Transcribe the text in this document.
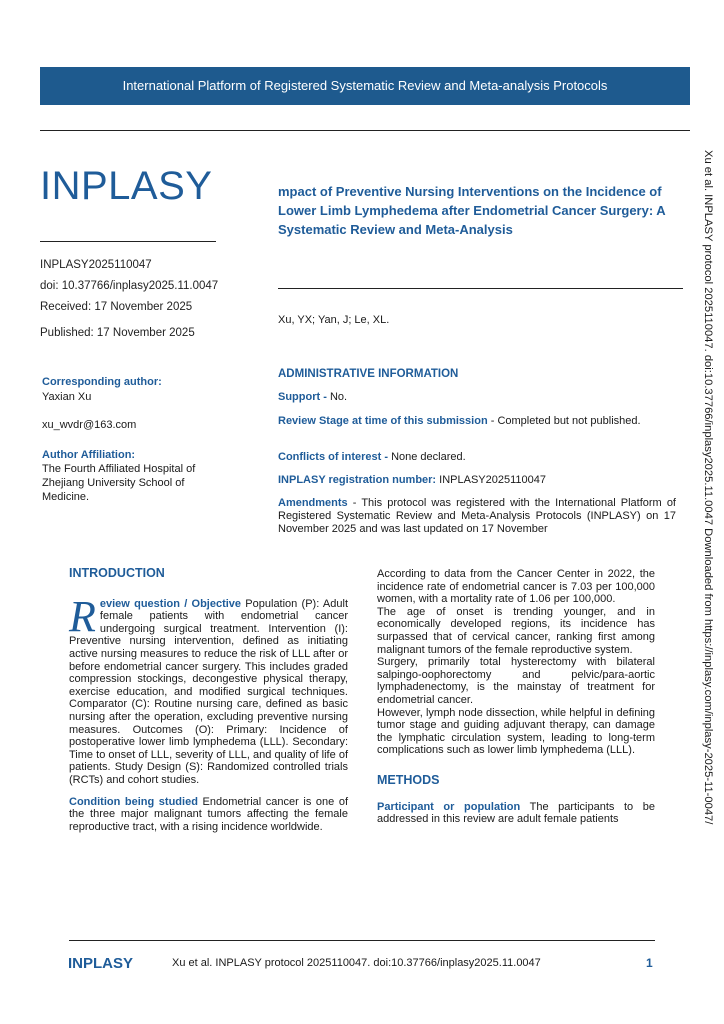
International Platform of Registered Systematic Review and Meta-analysis Protocols
INPLASY
INPLASY2025110047
doi: 10.37766/inplasy2025.11.0047
Received: 17 November 2025
Published: 17 November 2025
mpact of Preventive Nursing Interventions on the Incidence of Lower Limb Lymphedema after Endometrial Cancer Surgery: A Systematic Review and Meta-Analysis
Xu, YX; Yan, J; Le, XL.
Corresponding author:
Yaxian Xu
xu_wvdr@163.com
Author Affiliation:
The Fourth Affiliated Hospital of Zhejiang University School of Medicine.
ADMINISTRATIVE INFORMATION
Support - No.
Review Stage at time of this submission - Completed but not published.
Conflicts of interest - None declared.
INPLASY registration number: INPLASY2025110047
Amendments - This protocol was registered with the International Platform of Registered Systematic Review and Meta-Analysis Protocols (INPLASY) on 17 November 2025 and was last updated on 17 November
INTRODUCTION

Review question / Objective Population (P): Adult female patients with endometrial cancer undergoing surgical treatment. Intervention (I): Preventive nursing intervention, defined as initiating active nursing measures to reduce the risk of LLL after or before endometrial cancer surgery. This includes graded compression stockings, decongestive physical therapy, exercise education, and modified surgical techniques. Comparator (C): Routine nursing care, defined as basic nursing after the operation, excluding preventive nursing measures. Outcomes (O): Primary: Incidence of postoperative lower limb lymphedema (LLL). Secondary: Time to onset of LLL, severity of LLL, and quality of life of patients. Study Design (S): Randomized controlled trials (RCTs) and cohort studies.

Condition being studied Endometrial cancer is one of the three major malignant tumors affecting the female reproductive tract, with a rising incidence worldwide.

According to data from the Cancer Center in 2022, the incidence rate of endometrial cancer is 7.03 per 100,000 women, with a mortality rate of 1.06 per 100,000.

The age of onset is trending younger, and in economically developed regions, its incidence has surpassed that of cervical cancer, ranking first among malignant tumors of the female reproductive system.

Surgery, primarily total hysterectomy with bilateral salpingo-oophorectomy and pelvic/para-aortic lymphadenectomy, is the mainstay of treatment for endometrial cancer.

However, lymph node dissection, while helpful in defining tumor stage and guiding adjuvant therapy, can damage the lymphatic circulation system, leading to long-term complications such as lower limb lymphedema (LLL).

METHODS

Participant or population The participants to be addressed in this review are adult female patients	Xu et al. INPLASY protocol 2025110047. doi:10.37766/inplasy2025.11.0047 Downloaded from https://inplasy.com/inplasy-2025-11-0047/
INPLASY	Xu et al. INPLASY protocol 2025110047. doi:10.37766/inplasy2025.11.0047	1
